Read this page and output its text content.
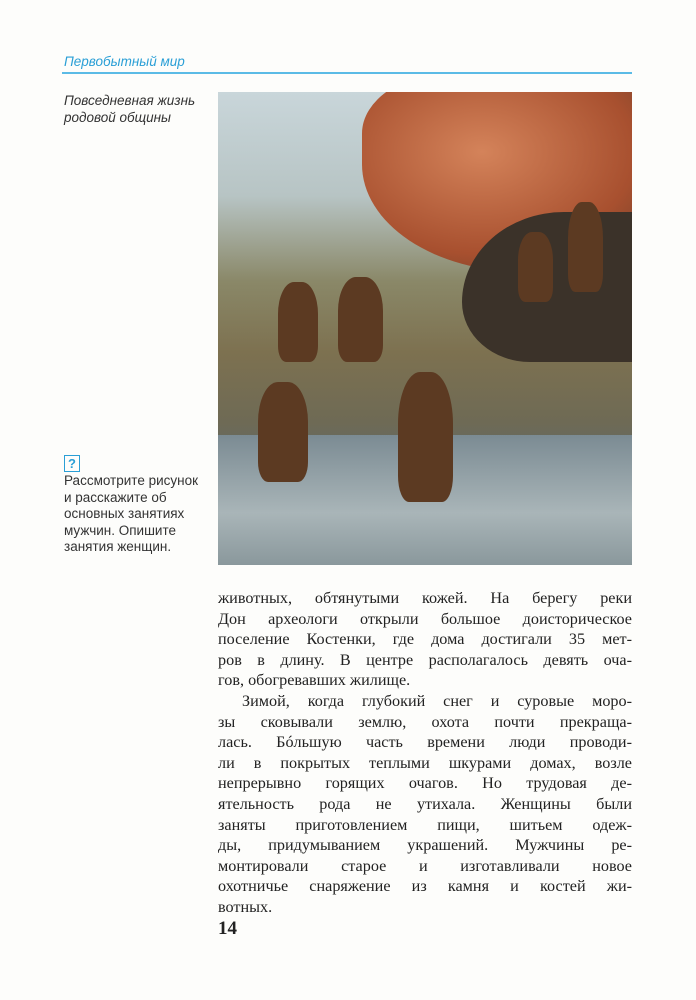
Первобытный мир
Повседневная жизнь родовой общины
?
Рассмотрите рисунок и расскажите об основных занятиях мужчин. Опишите занятия женщин.
животных, обтянутыми кожей. На берегу реки
Дон археологи открыли большое доисторическое
поселение Костенки, где дома достигали 35 мет-
ров в длину. В центре располагалось девять оча-
гов, обогревавших жилище.
Зимой, когда глубокий снег и суровые моро-
зы сковывали землю, охота почти прекраща-
лась. Бóльшую часть времени люди проводи-
ли в покрытых теплыми шкурами домах, возле
непрерывно горящих очагов. Но трудовая де-
ятельность рода не утихала. Женщины были
заняты приготовлением пищи, шитьем одеж-
ды, придумыванием украшений. Мужчины ре-
монтировали старое и изготавливали новое
охотничье снаряжение из камня и костей жи-
вотных.
14
